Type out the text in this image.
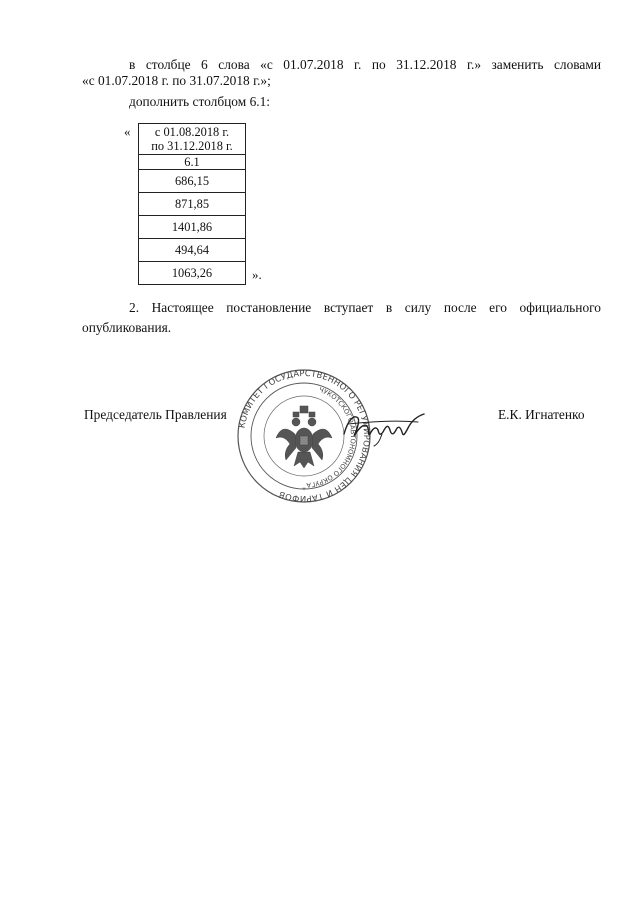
в столбце 6 слова «с 01.07.2018 г. по 31.12.2018 г.» заменить словами
«с 01.07.2018 г. по 31.07.2018 г.»;
дополнить столбцом 6.1:
« с 01.08.2018 г.
по 31.12.2018 г.
6.1
686,15
871,85
1401,86
494,64
1063,26	».
2. Настоящее постановление вступает в силу после его официального
опубликования.
КОМИТЕТ ГОСУДАРСТВЕННОГО РЕГУЛИРОВАНИЯ ЦЕН И ТАРИФОВ
ЧУКОТСКОГО АВТОНОМНОГО ОКРУГА
*
Председатель Правления	Е.К. Игнатенко
